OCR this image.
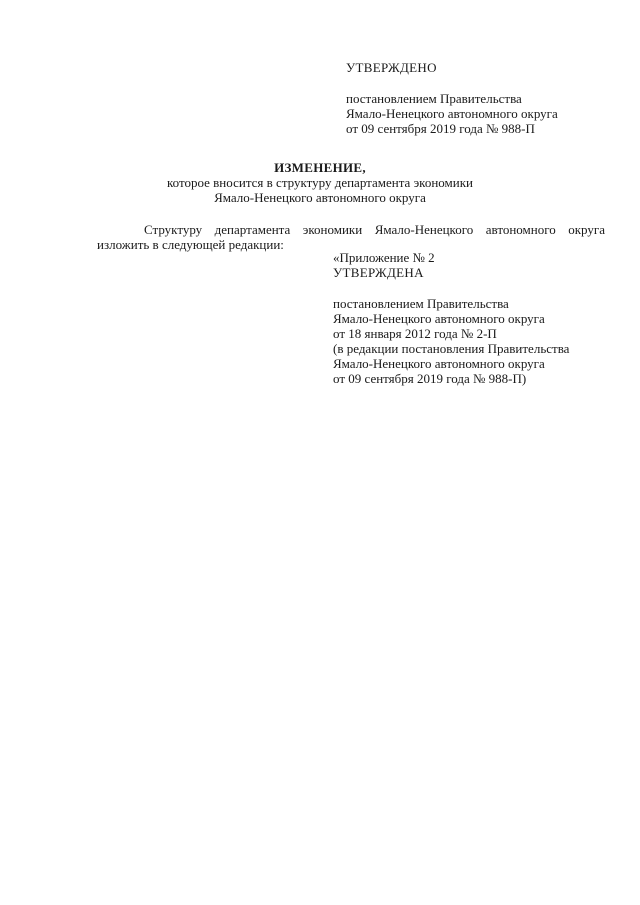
УТВЕРЖДЕНО
постановлением Правительства
Ямало-Ненецкого автономного округа
от 09 сентября 2019 года № 988-П
ИЗМЕНЕНИЕ,
которое вносится в структуру департамента экономики
Ямало-Ненецкого автономного округа

Структуру департамента экономики Ямало-Ненецкого автономного округа изложить в следующей редакции:

«Приложение № 2
УТВЕРЖДЕНА
постановлением Правительства
Ямало-Ненецкого автономного округа
от 18 января 2012 года № 2-П
(в редакции постановления Правительства
Ямало-Ненецкого автономного округа
от 09 сентября 2019 года № 988-П)
